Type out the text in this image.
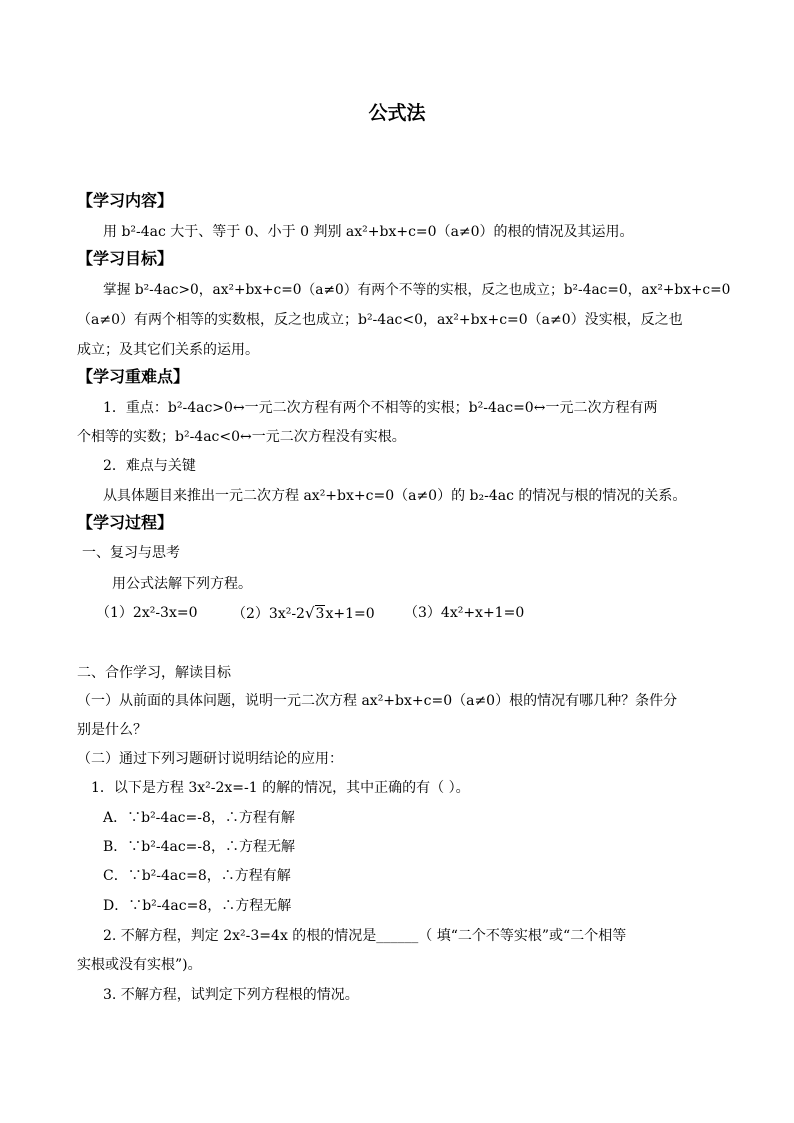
公式法
【学习内容】
用 b²-4ac 大于、等于 0、小于 0 判别 ax²+bx+c=0（a≠0）的根的情况及其运用。
【学习目标】
掌握 b²-4ac>0，ax²+bx+c=0（a≠0）有两个不等的实根，反之也成立；b²-4ac=0，ax²+bx+c=0
（a≠0）有两个相等的实数根，反之也成立；b²-4ac<0，ax²+bx+c=0（a≠0）没实根，反之也
成立；及其它们关系的运用。
【学习重难点】
1．重点：b²-4ac>0↔一元二次方程有两个不相等的实根；b²-4ac=0↔一元二次方程有两
个相等的实数；b²-4ac<0↔一元二次方程没有实根。
2．难点与关键
从具体题目来推出一元二次方程 ax²+bx+c=0（a≠0）的 b₂-4ac 的情况与根的情况的关系。
【学习过程】
一、复习与思考
用公式法解下列方程。
（1）2x²-3x=0 （2）3x²-2√3x+1=0 （3）4x²+x+1=0
二、合作学习，解读目标
（一）从前面的具体问题，说明一元二次方程 ax²+bx+c=0（a≠0）根的情况有哪几种？条件分
别是什么？
（二）通过下列习题研讨说明结论的应用：
1．以下是方程 3x²-2x=-1 的解的情况，其中正确的有（ ）。
A．∵b²-4ac=-8，∴方程有解
B．∵b²-4ac=-8，∴方程无解
C．∵b²-4ac=8，∴方程有解
D．∵b²-4ac=8，∴方程无解
2. 不解方程，判定 2x²-3=4x 的根的情况是______（ 填“二个不等实根”或“二个相等
实根或没有实根”)。
3. 不解方程，试判定下列方程根的情况。
